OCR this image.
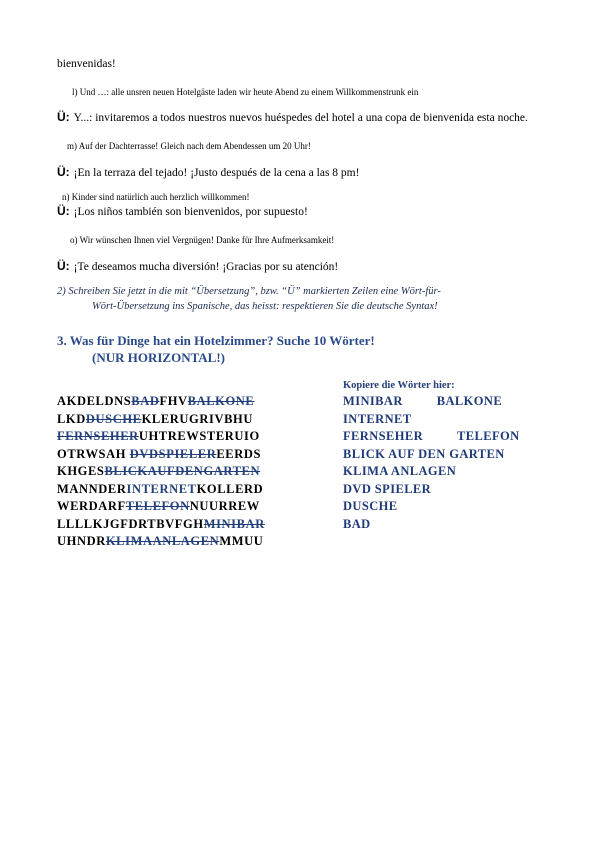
bienvenidas!
l) Und …: alle unsren neuen Hotelgäste laden wir heute Abend zu einem Willkommenstrunk ein
Ü: Y...: invitaremos a todos nuestros nuevos huéspedes del hotel a una copa de bienvenida esta noche.
m) Auf der Dachterrasse! Gleich nach dem Abendessen um 20 Uhr!
Ü: ¡En la terraza del tejado! ¡Justo después de la cena a las 8 pm!
n) Kinder sind natürlich auch herzlich willkommen!
Ü: ¡Los niños también son bienvenidos, por supuesto!
o) Wir wünschen Ihnen viel Vergnügen! Danke für Ihre Aufmerksamkeit!
Ü: ¡Te deseamos mucha diversión! ¡Gracias por su atención!
2) Schreiben Sie jetzt in die mit “Übersetzung”, bzw. “Ü” markierten Zeilen eine Wört-für-
Wört-Übersetzung ins Spanische, das heisst: respektieren Sie die deutsche Syntax!
3. Was für Dinge hat ein Hotelzimmer? Suche 10 Wörter!
(NUR HORIZONTAL!)
AKDELDNSBADFHVBALKONE
LKDDUSCHEKLERUGRIVBHU
FERNSEHERUHTREWSTERUIO
OTRWSAH DVDSPIELEREERDS
KHGESBLICKAUFDENGARTEN
MANNDERINTERNETKOLLERD
WERDARFTELEFONNUURREW
LLLLKJGFDRTBVFGHMINIBAR
UHNDRKLIMAANLAGENMMUU
Kopiere die Wörter hier:
MINIBAR	BALKONE
INTERNET
FERNSEHER	TELEFON
BLICK AUF DEN GARTEN
KLIMA ANLAGEN
DVD SPIELER
DUSCHE
BAD
